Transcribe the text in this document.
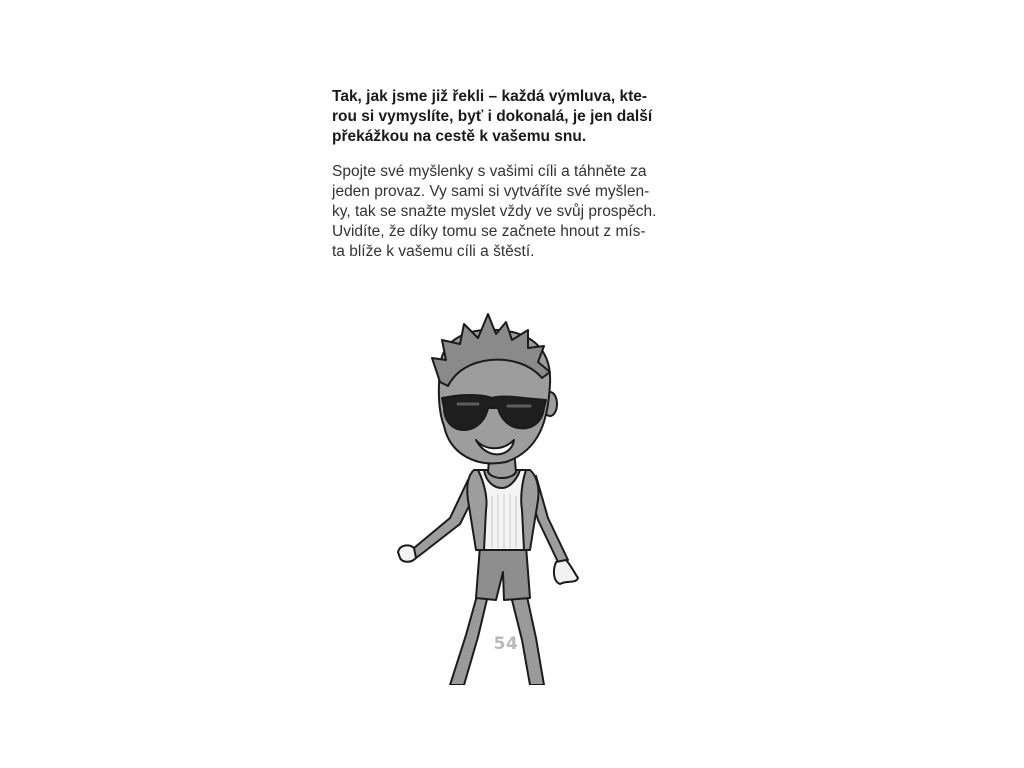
Tak, jak jsme již řekli – každá výmluva, kte-
rou si vymyslíte, byť i dokonalá, je jen další
překážkou na cestě k vašemu snu.

Spojte své myšlenky s vašimi cíli a táhněte za
jeden provaz. Vy sami si vytváříte své myšlen-
ky, tak se snažte myslet vždy ve svůj prospěch.
Uvidíte, že díky tomu se začnete hnout z mís-
ta blíže k vašemu cíli a štěstí.

54
